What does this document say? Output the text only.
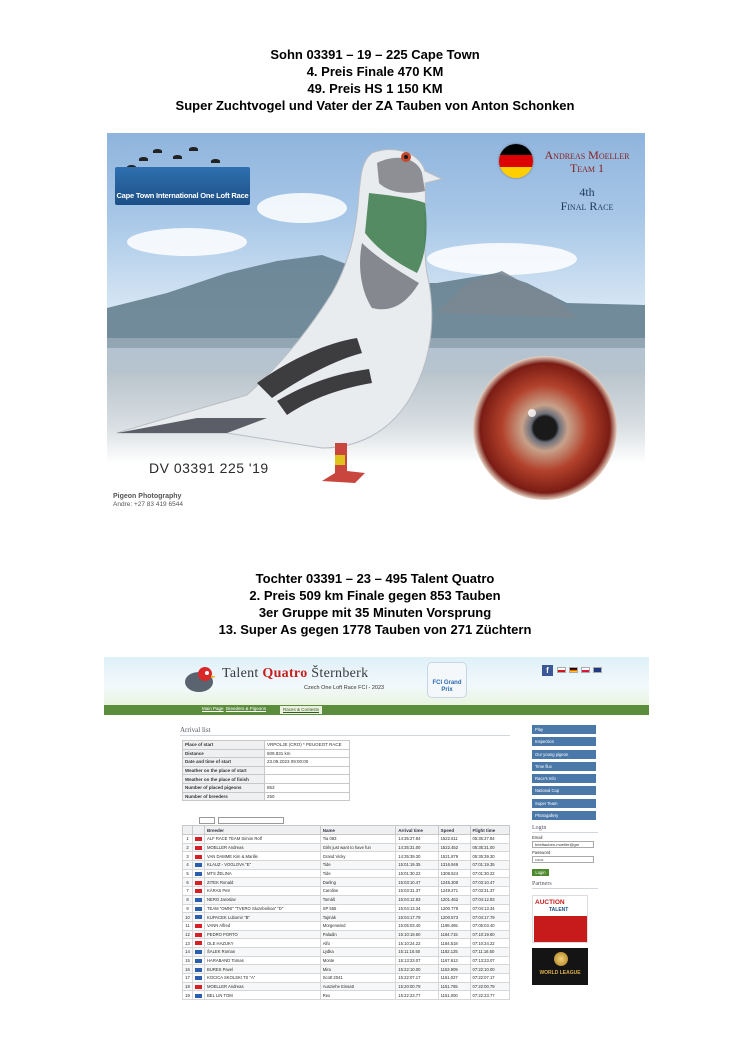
Sohn 03391 – 19 – 225 Cape Town
4. Preis Finale 470 KM
49. Preis HS 1 150 KM
Super Zuchtvogel und Vater der ZA Tauben von Anton Schonken
Cape Town International One Loft Race
Andreas Moeller
Team 1
4th
Final Race
DV 03391 225 '19
Pigeon Photography
Andre: +27 83 419 6544
Tochter 03391 – 23 – 495 Talent Quatro
2. Preis 509 km Finale gegen 853 Tauben
3er Gruppe mit 35 Minuten Vorsprung
13. Super As gegen 1778 Tauben von 271 Züchtern
Talent Quatro Šternberk
Czech One Loft Race FCI - 2023
FCI Grand Prix
f
Main Page Breeders & Pigeons	Races & Contests
Arrival list
Place of start	VRPOLJE (CRO) * PEUGEOT RACE
Distance	509.831 km
Date and time of start	23.09.2023 09:00:00
Weather on the place of start	
Weather on the place of finish	
Number of placed pigeons	853
Number of breeders	250
		Breeder	Name	Arrival time	Speed	Flight time
1		ALF RACE TEAM Simon Rolf	Tia 083	14:35:27.84	1522.611	05:35:27.84
2		MOELLER Andreas	Girls just want to have fun	14:35:31.00	1522.452	05:35:31.00
3		VAN DAMME Kim & Marille	Grand Vicky	14:35:39.30	1521.879	05:35:39.30
4		KLAUZ - VOGLOVA "E"	Tide	15:01:19.35	1316.949	07:01:19.35
5		MTS ŽELINA	Tide	15:01:30.22	1308.524	07:01:30.22
6		ZITEK Ronald	Darling	15:03:10.47	1245.308	07:03:10.47
7		KÁRAS Petr	Caroline	15:03:31.37	1249.271	07:03:31.37
8		NERO Jaroslav	Tomáš	15:04:12.83	1201.462	07:04:12.83
9		TEAM "OMNI" "TVERO Sluzebnikoa" "D"	SP 555	15:04:13.34	1200.778	07:04:13.34
10		KUPACEK Lubomir "B"	Tajmák	15:04:17.79	1200.573	07:04:17.79
11		VANN Alfred	Morgenwind	15:05:03.40	1198.465	07:05:03.40
12		PEDRO PORTO	Paladin	15:10:19.60	1184.715	07:10:19.60
13		OLE HAZUKY	Alfo	15:10:24.22	1184.518	07:10:24.22
14		ŠALEK Roman	Lydka	15:11:16.50	1182.125	07:11:16.50
15		HARABAND Tomas	Monte	15:13:23.07	1167.613	07:13:23.07
16		BURES Pavel	Mira	15:22:10.00	1153.909	07:22:10.00
17		KOCICA SKOLSKI TS "A"	Scott 2041	15:22:07.17	1151.027	07:22:07.17
18		MOELLER Andreas	Ausziehe Einsatt	15:20:00.79	1151.765	07:22:00.79
19		BEL LIN TOM	Rex	15:22:23.77	1151.000	07:22:23.77
Play
Inspection
Our young pigeon
Time flux
Race's Info
National Cup
Super Team
Photogallery
Login
Email
brieftauben-moeller@gm
Password
••••••
Login
Partners
AUCTION
TALENT
WORLD LEAGUE
